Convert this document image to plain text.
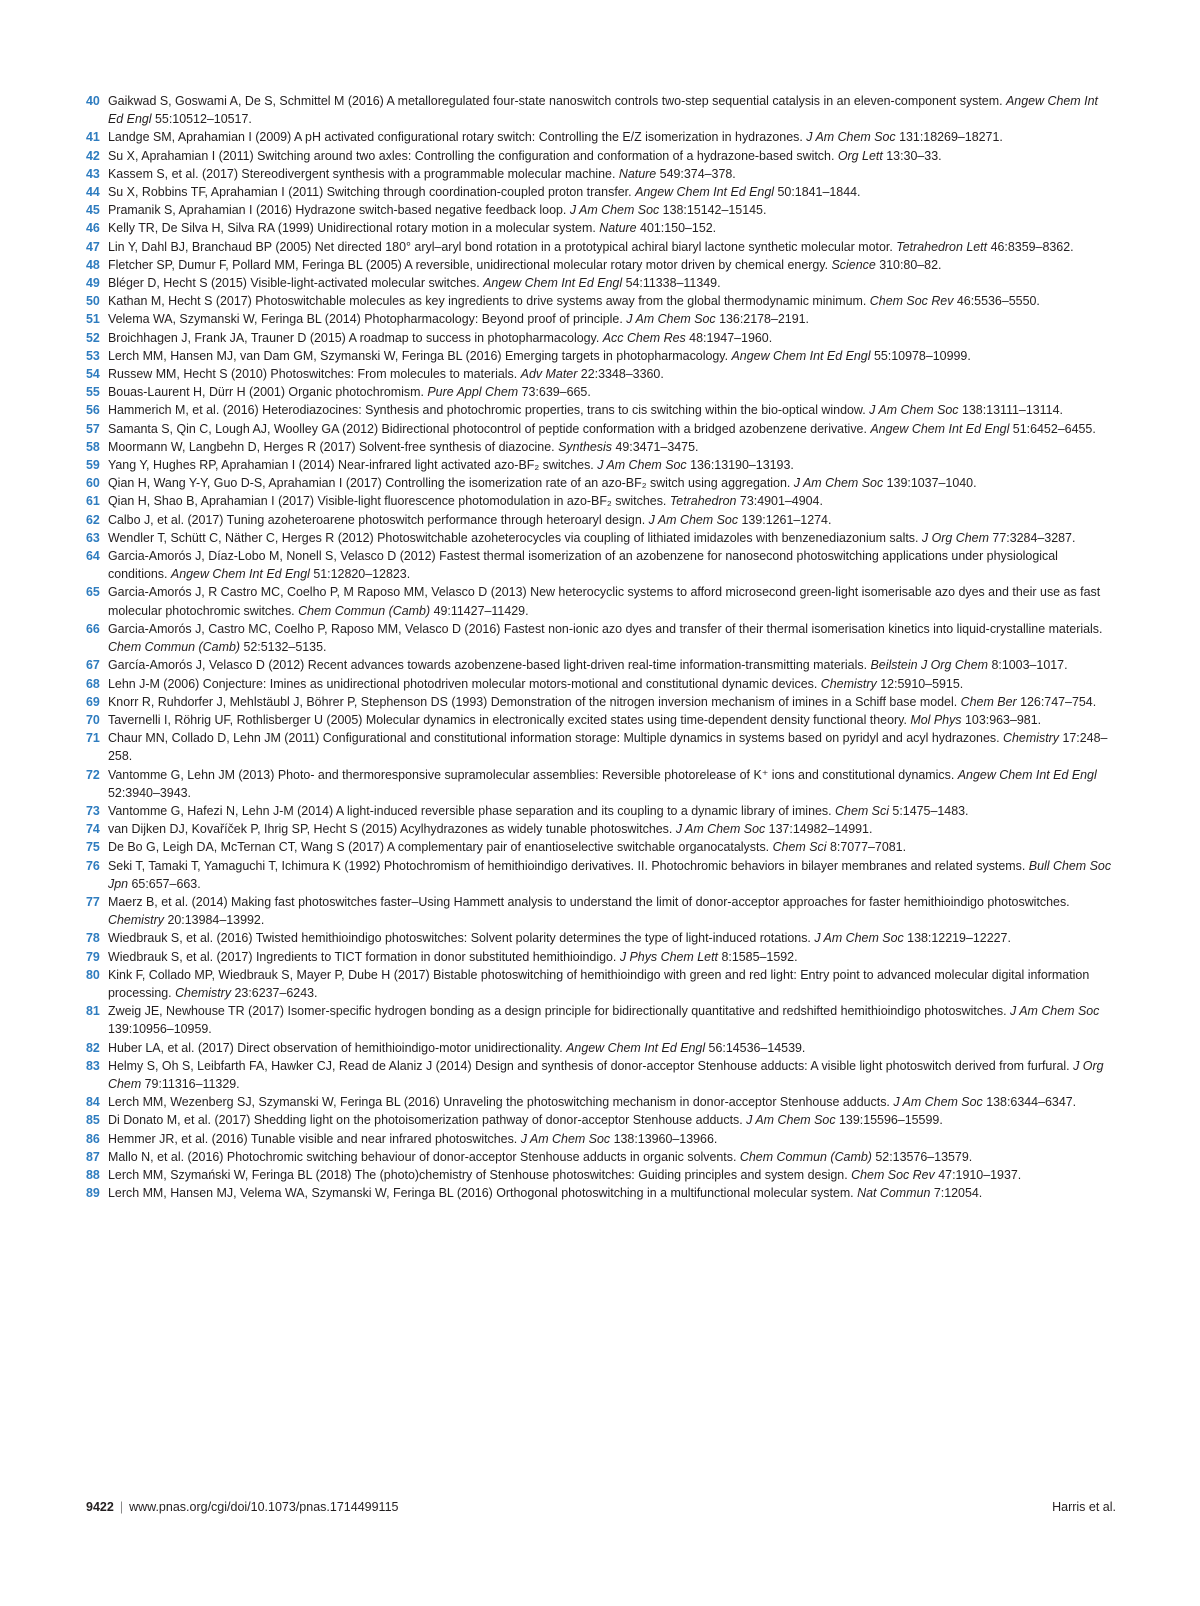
40 Gaikwad S, Goswami A, De S, Schmittel M (2016) A metalloregulated four-state nanoswitch controls two-step sequential catalysis in an eleven-component system. Angew Chem Int Ed Engl 55:10512–10517.
41 Landge SM, Aprahamian I (2009) A pH activated configurational rotary switch: Controlling the E/Z isomerization in hydrazones. J Am Chem Soc 131:18269–18271.
42 Su X, Aprahamian I (2011) Switching around two axles: Controlling the configuration and conformation of a hydrazone-based switch. Org Lett 13:30–33.
43 Kassem S, et al. (2017) Stereodivergent synthesis with a programmable molecular machine. Nature 549:374–378.
44 Su X, Robbins TF, Aprahamian I (2011) Switching through coordination-coupled proton transfer. Angew Chem Int Ed Engl 50:1841–1844.
45 Pramanik S, Aprahamian I (2016) Hydrazone switch-based negative feedback loop. J Am Chem Soc 138:15142–15145.
46 Kelly TR, De Silva H, Silva RA (1999) Unidirectional rotary motion in a molecular system. Nature 401:150–152.
47 Lin Y, Dahl BJ, Branchaud BP (2005) Net directed 180° aryl–aryl bond rotation in a prototypical achiral biaryl lactone synthetic molecular motor. Tetrahedron Lett 46:8359–8362.
48 Fletcher SP, Dumur F, Pollard MM, Feringa BL (2005) A reversible, unidirectional molecular rotary motor driven by chemical energy. Science 310:80–82.
49 Bléger D, Hecht S (2015) Visible-light-activated molecular switches. Angew Chem Int Ed Engl 54:11338–11349.
50 Kathan M, Hecht S (2017) Photoswitchable molecules as key ingredients to drive systems away from the global thermodynamic minimum. Chem Soc Rev 46:5536–5550.
51 Velema WA, Szymanski W, Feringa BL (2014) Photopharmacology: Beyond proof of principle. J Am Chem Soc 136:2178–2191.
52 Broichhagen J, Frank JA, Trauner D (2015) A roadmap to success in photopharmacology. Acc Chem Res 48:1947–1960.
53 Lerch MM, Hansen MJ, van Dam GM, Szymanski W, Feringa BL (2016) Emerging targets in photopharmacology. Angew Chem Int Ed Engl 55:10978–10999.
54 Russew MM, Hecht S (2010) Photoswitches: From molecules to materials. Adv Mater 22:3348–3360.
55 Bouas-Laurent H, Dürr H (2001) Organic photochromism. Pure Appl Chem 73:639–665.
56 Hammerich M, et al. (2016) Heterodiazocines: Synthesis and photochromic properties, trans to cis switching within the bio-optical window. J Am Chem Soc 138:13111–13114.
57 Samanta S, Qin C, Lough AJ, Woolley GA (2012) Bidirectional photocontrol of peptide conformation with a bridged azobenzene derivative. Angew Chem Int Ed Engl 51:6452–6455.
58 Moormann W, Langbehn D, Herges R (2017) Solvent-free synthesis of diazocine. Synthesis 49:3471–3475.
59 Yang Y, Hughes RP, Aprahamian I (2014) Near-infrared light activated azo-BF₂ switches. J Am Chem Soc 136:13190–13193.
60 Qian H, Wang Y-Y, Guo D-S, Aprahamian I (2017) Controlling the isomerization rate of an azo-BF₂ switch using aggregation. J Am Chem Soc 139:1037–1040.
61 Qian H, Shao B, Aprahamian I (2017) Visible-light fluorescence photomodulation in azo-BF₂ switches. Tetrahedron 73:4901–4904.
62 Calbo J, et al. (2017) Tuning azoheteroarene photoswitch performance through heteroaryl design. J Am Chem Soc 139:1261–1274.
63 Wendler T, Schütt C, Näther C, Herges R (2012) Photoswitchable azoheterocycles via coupling of lithiated imidazoles with benzenediazonium salts. J Org Chem 77:3284–3287.
64 Garcia-Amorós J, Díaz-Lobo M, Nonell S, Velasco D (2012) Fastest thermal isomerization of an azobenzene for nanosecond photoswitching applications under physiological conditions. Angew Chem Int Ed Engl 51:12820–12823.
65 Garcia-Amorós J, R Castro MC, Coelho P, M Raposo MM, Velasco D (2013) New heterocyclic systems to afford microsecond green-light isomerisable azo dyes and their use as fast molecular photochromic switches. Chem Commun (Camb) 49:11427–11429.
66 Garcia-Amorós J, Castro MC, Coelho P, Raposo MM, Velasco D (2016) Fastest non-ionic azo dyes and transfer of their thermal isomerisation kinetics into liquid-crystalline materials. Chem Commun (Camb) 52:5132–5135.
67 García-Amorós J, Velasco D (2012) Recent advances towards azobenzene-based light-driven real-time information-transmitting materials. Beilstein J Org Chem 8:1003–1017.
68 Lehn J-M (2006) Conjecture: Imines as unidirectional photodriven molecular motors-motional and constitutional dynamic devices. Chemistry 12:5910–5915.
69 Knorr R, Ruhdorfer J, Mehlstäubl J, Böhrer P, Stephenson DS (1993) Demonstration of the nitrogen inversion mechanism of imines in a Schiff base model. Chem Ber 126:747–754.
70 Tavernelli I, Röhrig UF, Rothlisberger U (2005) Molecular dynamics in electronically excited states using time-dependent density functional theory. Mol Phys 103:963–981.
71 Chaur MN, Collado D, Lehn JM (2011) Configurational and constitutional information storage: Multiple dynamics in systems based on pyridyl and acyl hydrazones. Chemistry 17:248–258.
72 Vantomme G, Lehn JM (2013) Photo- and thermoresponsive supramolecular assemblies: Reversible photorelease of K⁺ ions and constitutional dynamics. Angew Chem Int Ed Engl 52:3940–3943.
73 Vantomme G, Hafezi N, Lehn J-M (2014) A light-induced reversible phase separation and its coupling to a dynamic library of imines. Chem Sci 5:1475–1483.
74 van Dijken DJ, Kovaříček P, Ihrig SP, Hecht S (2015) Acylhydrazones as widely tunable photoswitches. J Am Chem Soc 137:14982–14991.
75 De Bo G, Leigh DA, McTernan CT, Wang S (2017) A complementary pair of enantioselective switchable organocatalysts. Chem Sci 8:7077–7081.
76 Seki T, Tamaki T, Yamaguchi T, Ichimura K (1992) Photochromism of hemithioindigo derivatives. II. Photochromic behaviors in bilayer membranes and related systems. Bull Chem Soc Jpn 65:657–663.
77 Maerz B, et al. (2014) Making fast photoswitches faster–Using Hammett analysis to understand the limit of donor-acceptor approaches for faster hemithioindigo photoswitches. Chemistry 20:13984–13992.
78 Wiedbrauk S, et al. (2016) Twisted hemithioindigo photoswitches: Solvent polarity determines the type of light-induced rotations. J Am Chem Soc 138:12219–12227.
79 Wiedbrauk S, et al. (2017) Ingredients to TICT formation in donor substituted hemithioindigo. J Phys Chem Lett 8:1585–1592.
80 Kink F, Collado MP, Wiedbrauk S, Mayer P, Dube H (2017) Bistable photoswitching of hemithioindigo with green and red light: Entry point to advanced molecular digital information processing. Chemistry 23:6237–6243.
81 Zweig JE, Newhouse TR (2017) Isomer-specific hydrogen bonding as a design principle for bidirectionally quantitative and redshifted hemithioindigo photoswitches. J Am Chem Soc 139:10956–10959.
82 Huber LA, et al. (2017) Direct observation of hemithioindigo-motor unidirectionality. Angew Chem Int Ed Engl 56:14536–14539.
83 Helmy S, Oh S, Leibfarth FA, Hawker CJ, Read de Alaniz J (2014) Design and synthesis of donor-acceptor Stenhouse adducts: A visible light photoswitch derived from furfural. J Org Chem 79:11316–11329.
84 Lerch MM, Wezenberg SJ, Szymanski W, Feringa BL (2016) Unraveling the photoswitching mechanism in donor-acceptor Stenhouse adducts. J Am Chem Soc 138:6344–6347.
85 Di Donato M, et al. (2017) Shedding light on the photoisomerization pathway of donor-acceptor Stenhouse adducts. J Am Chem Soc 139:15596–15599.
86 Hemmer JR, et al. (2016) Tunable visible and near infrared photoswitches. J Am Chem Soc 138:13960–13966.
87 Mallo N, et al. (2016) Photochromic switching behaviour of donor-acceptor Stenhouse adducts in organic solvents. Chem Commun (Camb) 52:13576–13579.
88 Lerch MM, Szymański W, Feringa BL (2018) The (photo)chemistry of Stenhouse photoswitches: Guiding principles and system design. Chem Soc Rev 47:1910–1937.
89 Lerch MM, Hansen MJ, Velema WA, Szymanski W, Feringa BL (2016) Orthogonal photoswitching in a multifunctional molecular system. Nat Commun 7:12054.
9422 | www.pnas.org/cgi/doi/10.1073/pnas.1714499115	Harris et al.
